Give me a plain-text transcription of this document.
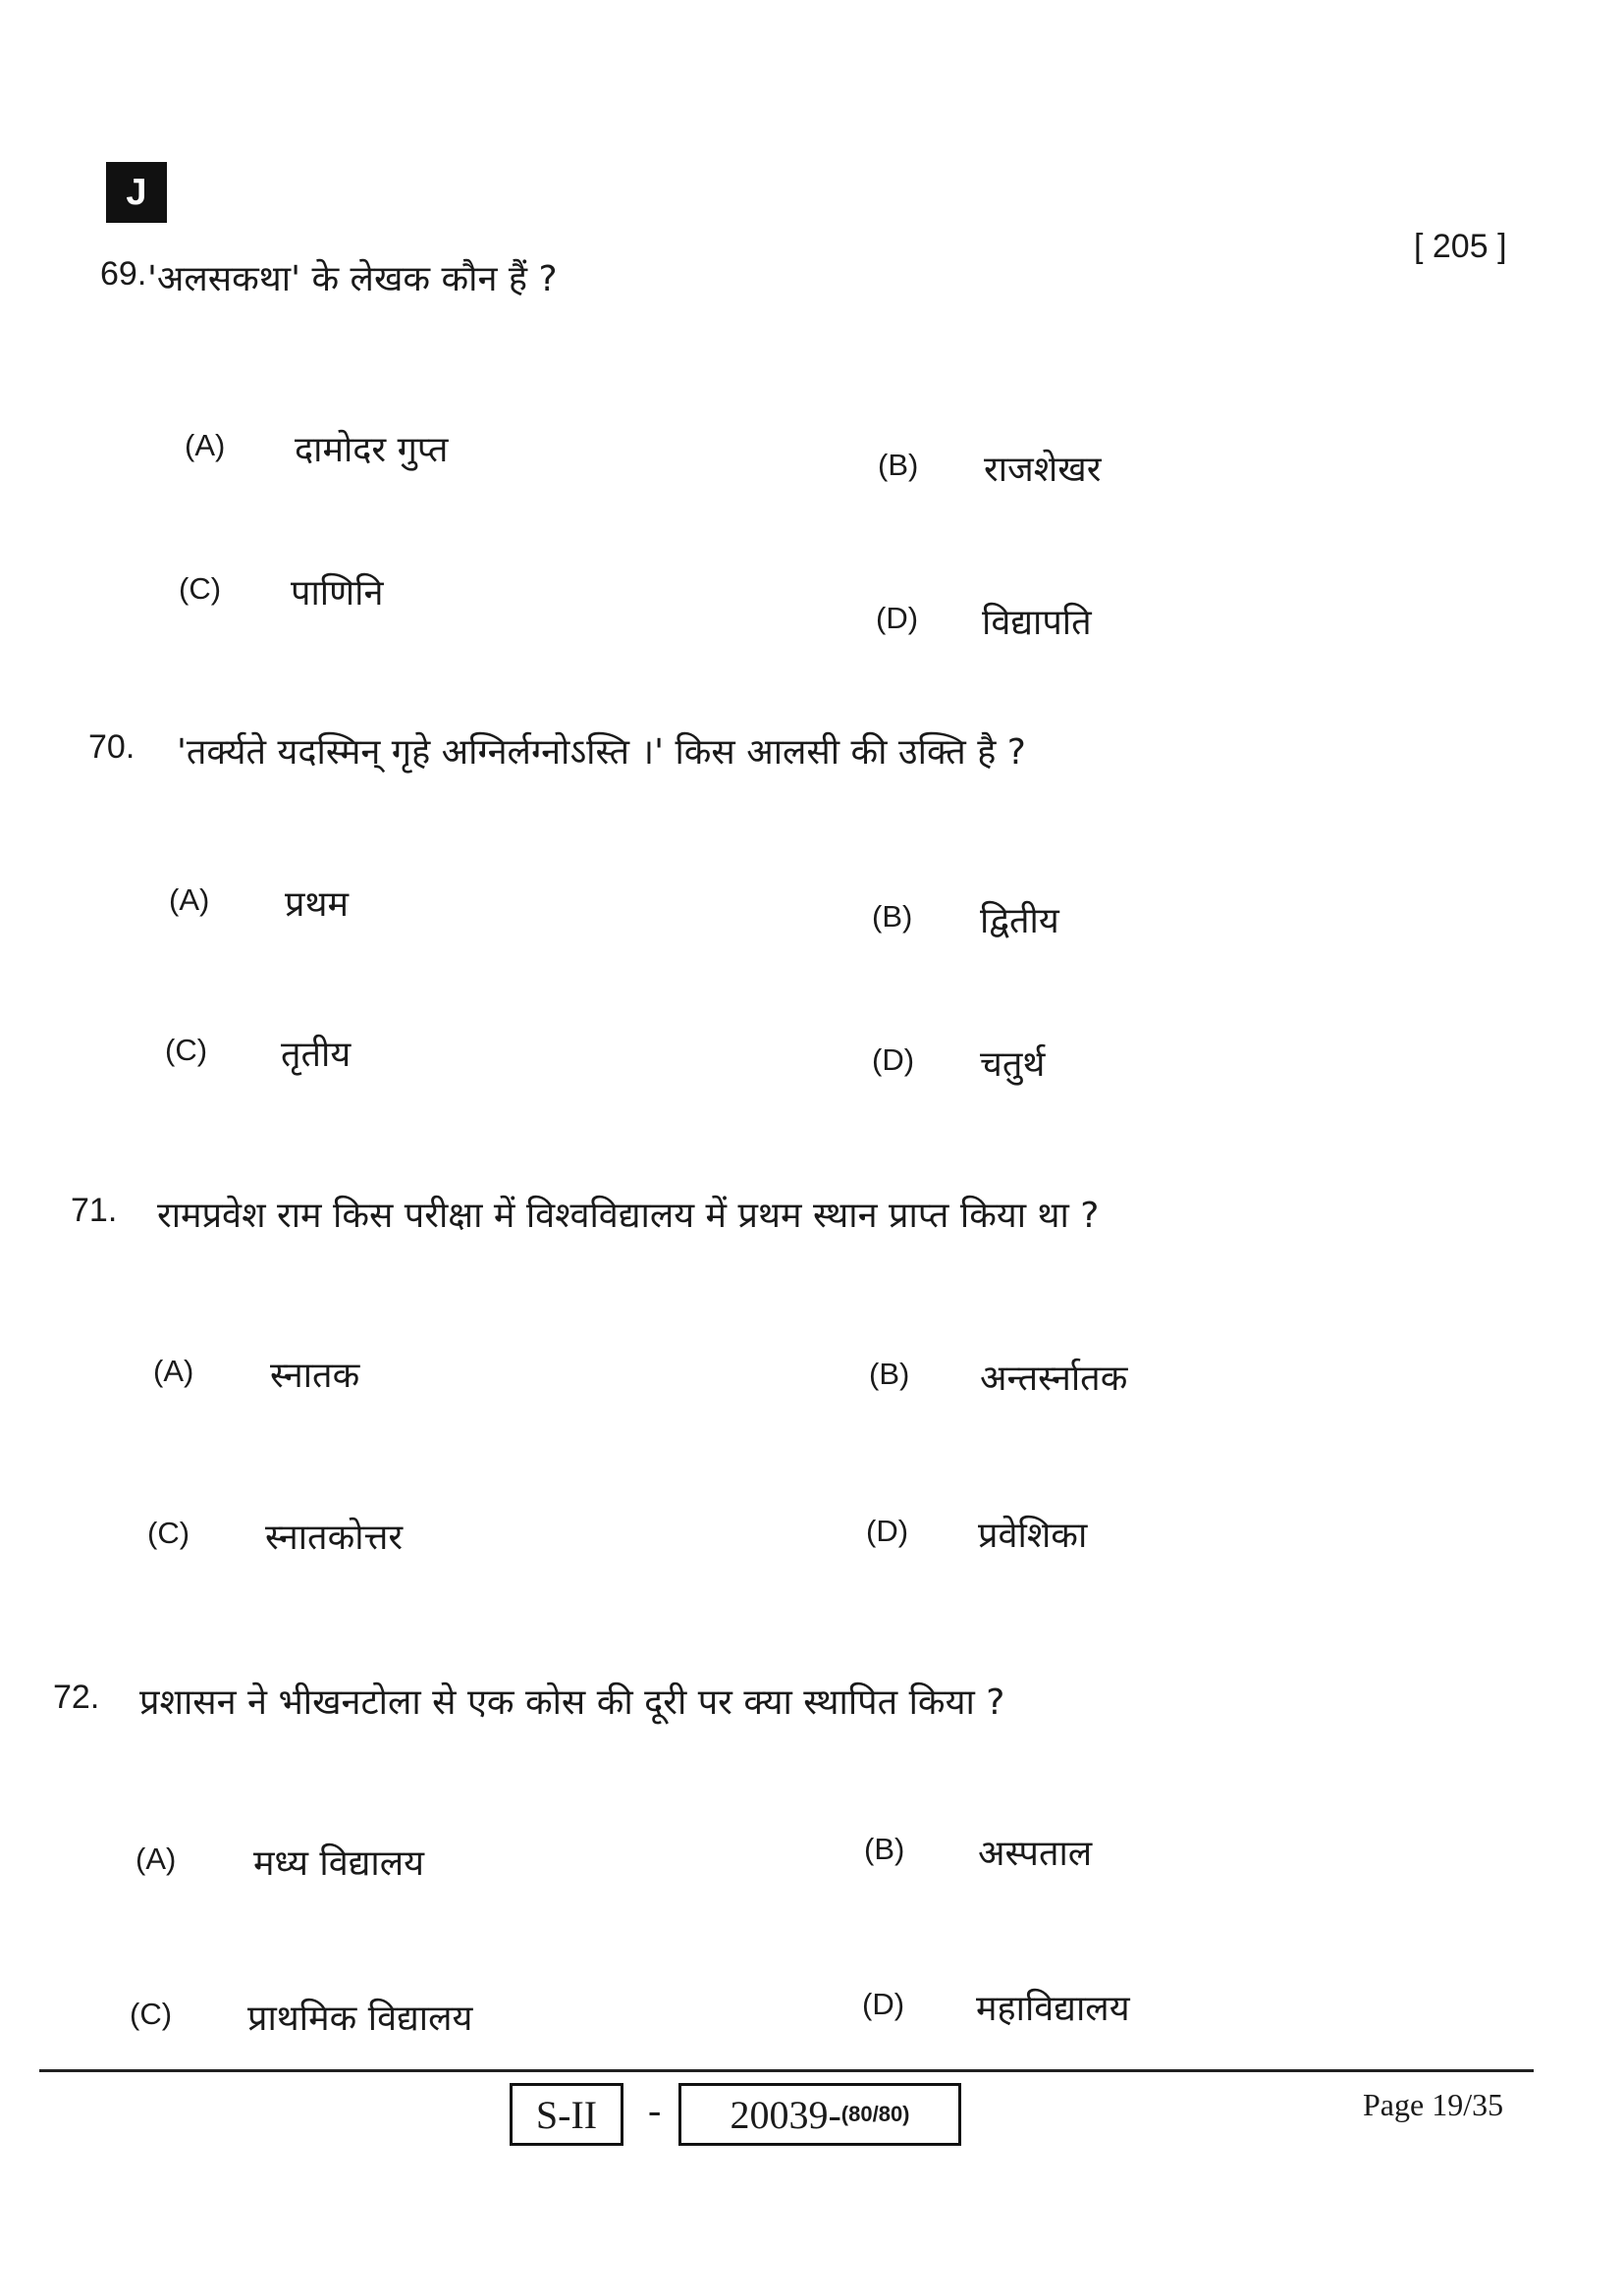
J
[ 205 ]
69. 'अलसकथा' के लेखक कौन हैं ?
(A) दामोदर गुप्त	(B) राजशेखर
(C) पाणिनि
(D) विद्यापति
70. 'तर्क्यते यदस्मिन् गृहे अग्निर्लग्नोऽस्ति ।' किस आलसी की उक्ति है ?
(A) प्रथम	(B) द्वितीय
(C) तृतीय	(D) चतुर्थ
71. रामप्रवेश राम किस परीक्षा में विश्वविद्यालय में प्रथम स्थान प्राप्त किया था ?
(A) स्नातक	(B) अन्तर्स्नातक
(C) स्नातकोत्तर	(D) प्रवेशिका
72. प्रशासन ने भीखनटोला से एक कोस की दूरी पर क्या स्थापित किया ?
(A) मध्य विद्यालय	(B) अस्पताल
(C) प्राथमिक विद्यालय	(D) महाविद्यालय
S-II	- 20039- (80/80)	Page 19/35
